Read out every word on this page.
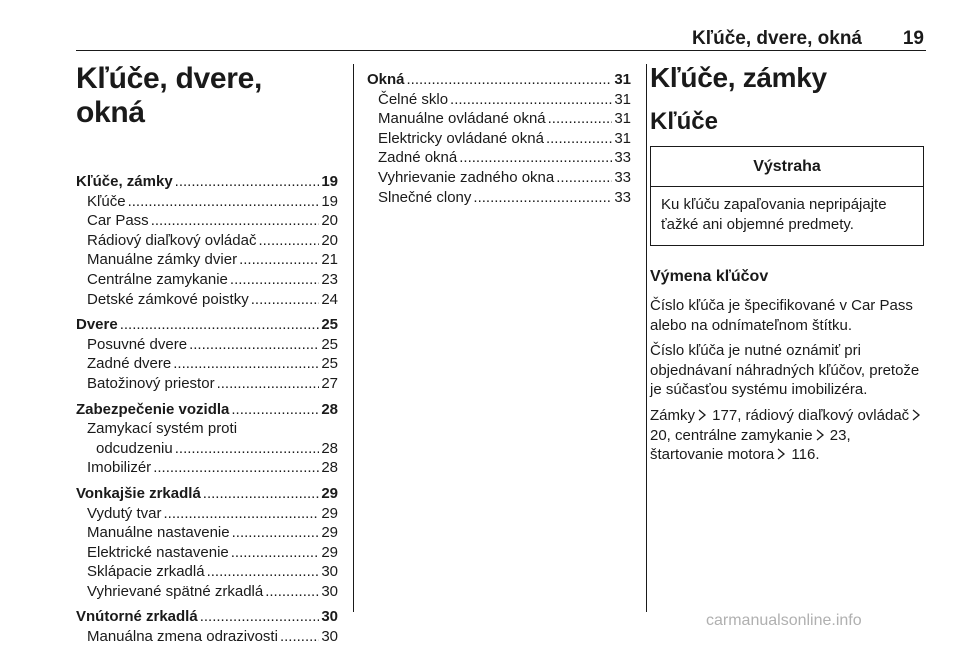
Kľúče, dvere, okná 19
Kľúče, dvere, okná
Kľúče, zámky .....	19
Kľúče .....	19
Car Pass .....	20
Rádiový diaľkový ovládač .....	20
Manuálne zámky dvier .....	21
Centrálne zamykanie .....	23
Detské zámkové poistky .....	24
Dvere .....	25
Posuvné dvere .....	25
Zadné dvere .....	25
Batožinový priestor .....	27
Zabezpečenie vozidla .....	28
Zamykací systém proti
odcudzeniu .....	28
Imobilizér .....	28
Vonkajšie zrkadlá .....	29
Vydutý tvar .....	29
Manuálne nastavenie .....	29
Elektrické nastavenie .....	29
Sklápacie zrkadlá .....	30
Vyhrievané spätné zrkadlá .....	30
Vnútorné zrkadlá .....	30
Manuálna zmena odrazivosti .....	30
Okná .....	31
Čelné sklo .....	31
Manuálne ovládané okná .....	31
Elektricky ovládané okná .....	31
Zadné okná .....	33
Vyhrievanie zadného okna .....	33
Slnečné clony .....	33
Kľúče, zámky
Kľúče
Výstraha
Ku kľúču zapaľovania nepripájajte ťažké ani objemné predmety.
Výmena kľúčov

Číslo kľúča je špecifikované v Car Pass alebo na odnímateľnom štítku.

Číslo kľúča je nutné oznámiť pri objednávaní náhradných kľúčov, pretože je súčasťou systému imobilizéra.

Zámky 177, rádiový diaľkový ovládač 20, centrálne zamykanie 23, štartovanie motora 116.

carmanualsonline.info
